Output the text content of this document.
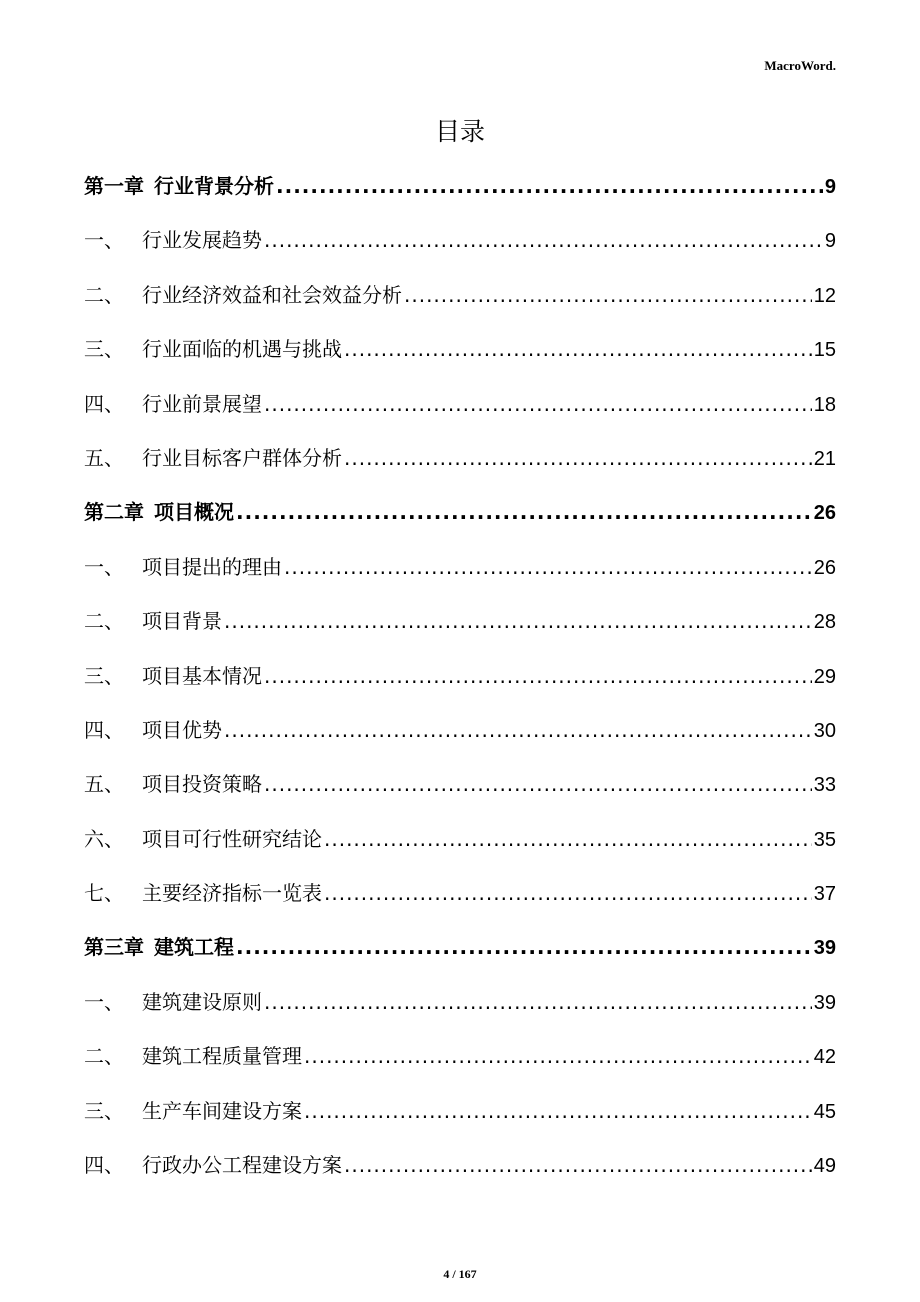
MacroWord.
目录
第一章 行业背景分析 .....	9
一、 行业发展趋势 .....	9
二、 行业经济效益和社会效益分析 .....	12
三、 行业面临的机遇与挑战 .....	15
四、 行业前景展望 .....	18
五、 行业目标客户群体分析 .....	21
第二章 项目概况 .....	26
一、 项目提出的理由 .....	26
二、 项目背景 .....	28
三、 项目基本情况 .....	29
四、 项目优势 .....	30
五、 项目投资策略 .....	33
六、 项目可行性研究结论 .....	35
七、 主要经济指标一览表 .....	37
第三章 建筑工程 .....	39
一、 建筑建设原则 .....	39
二、 建筑工程质量管理 .....	42
三、 生产车间建设方案 .....	45
四、 行政办公工程建设方案 .....	49
4 / 167
